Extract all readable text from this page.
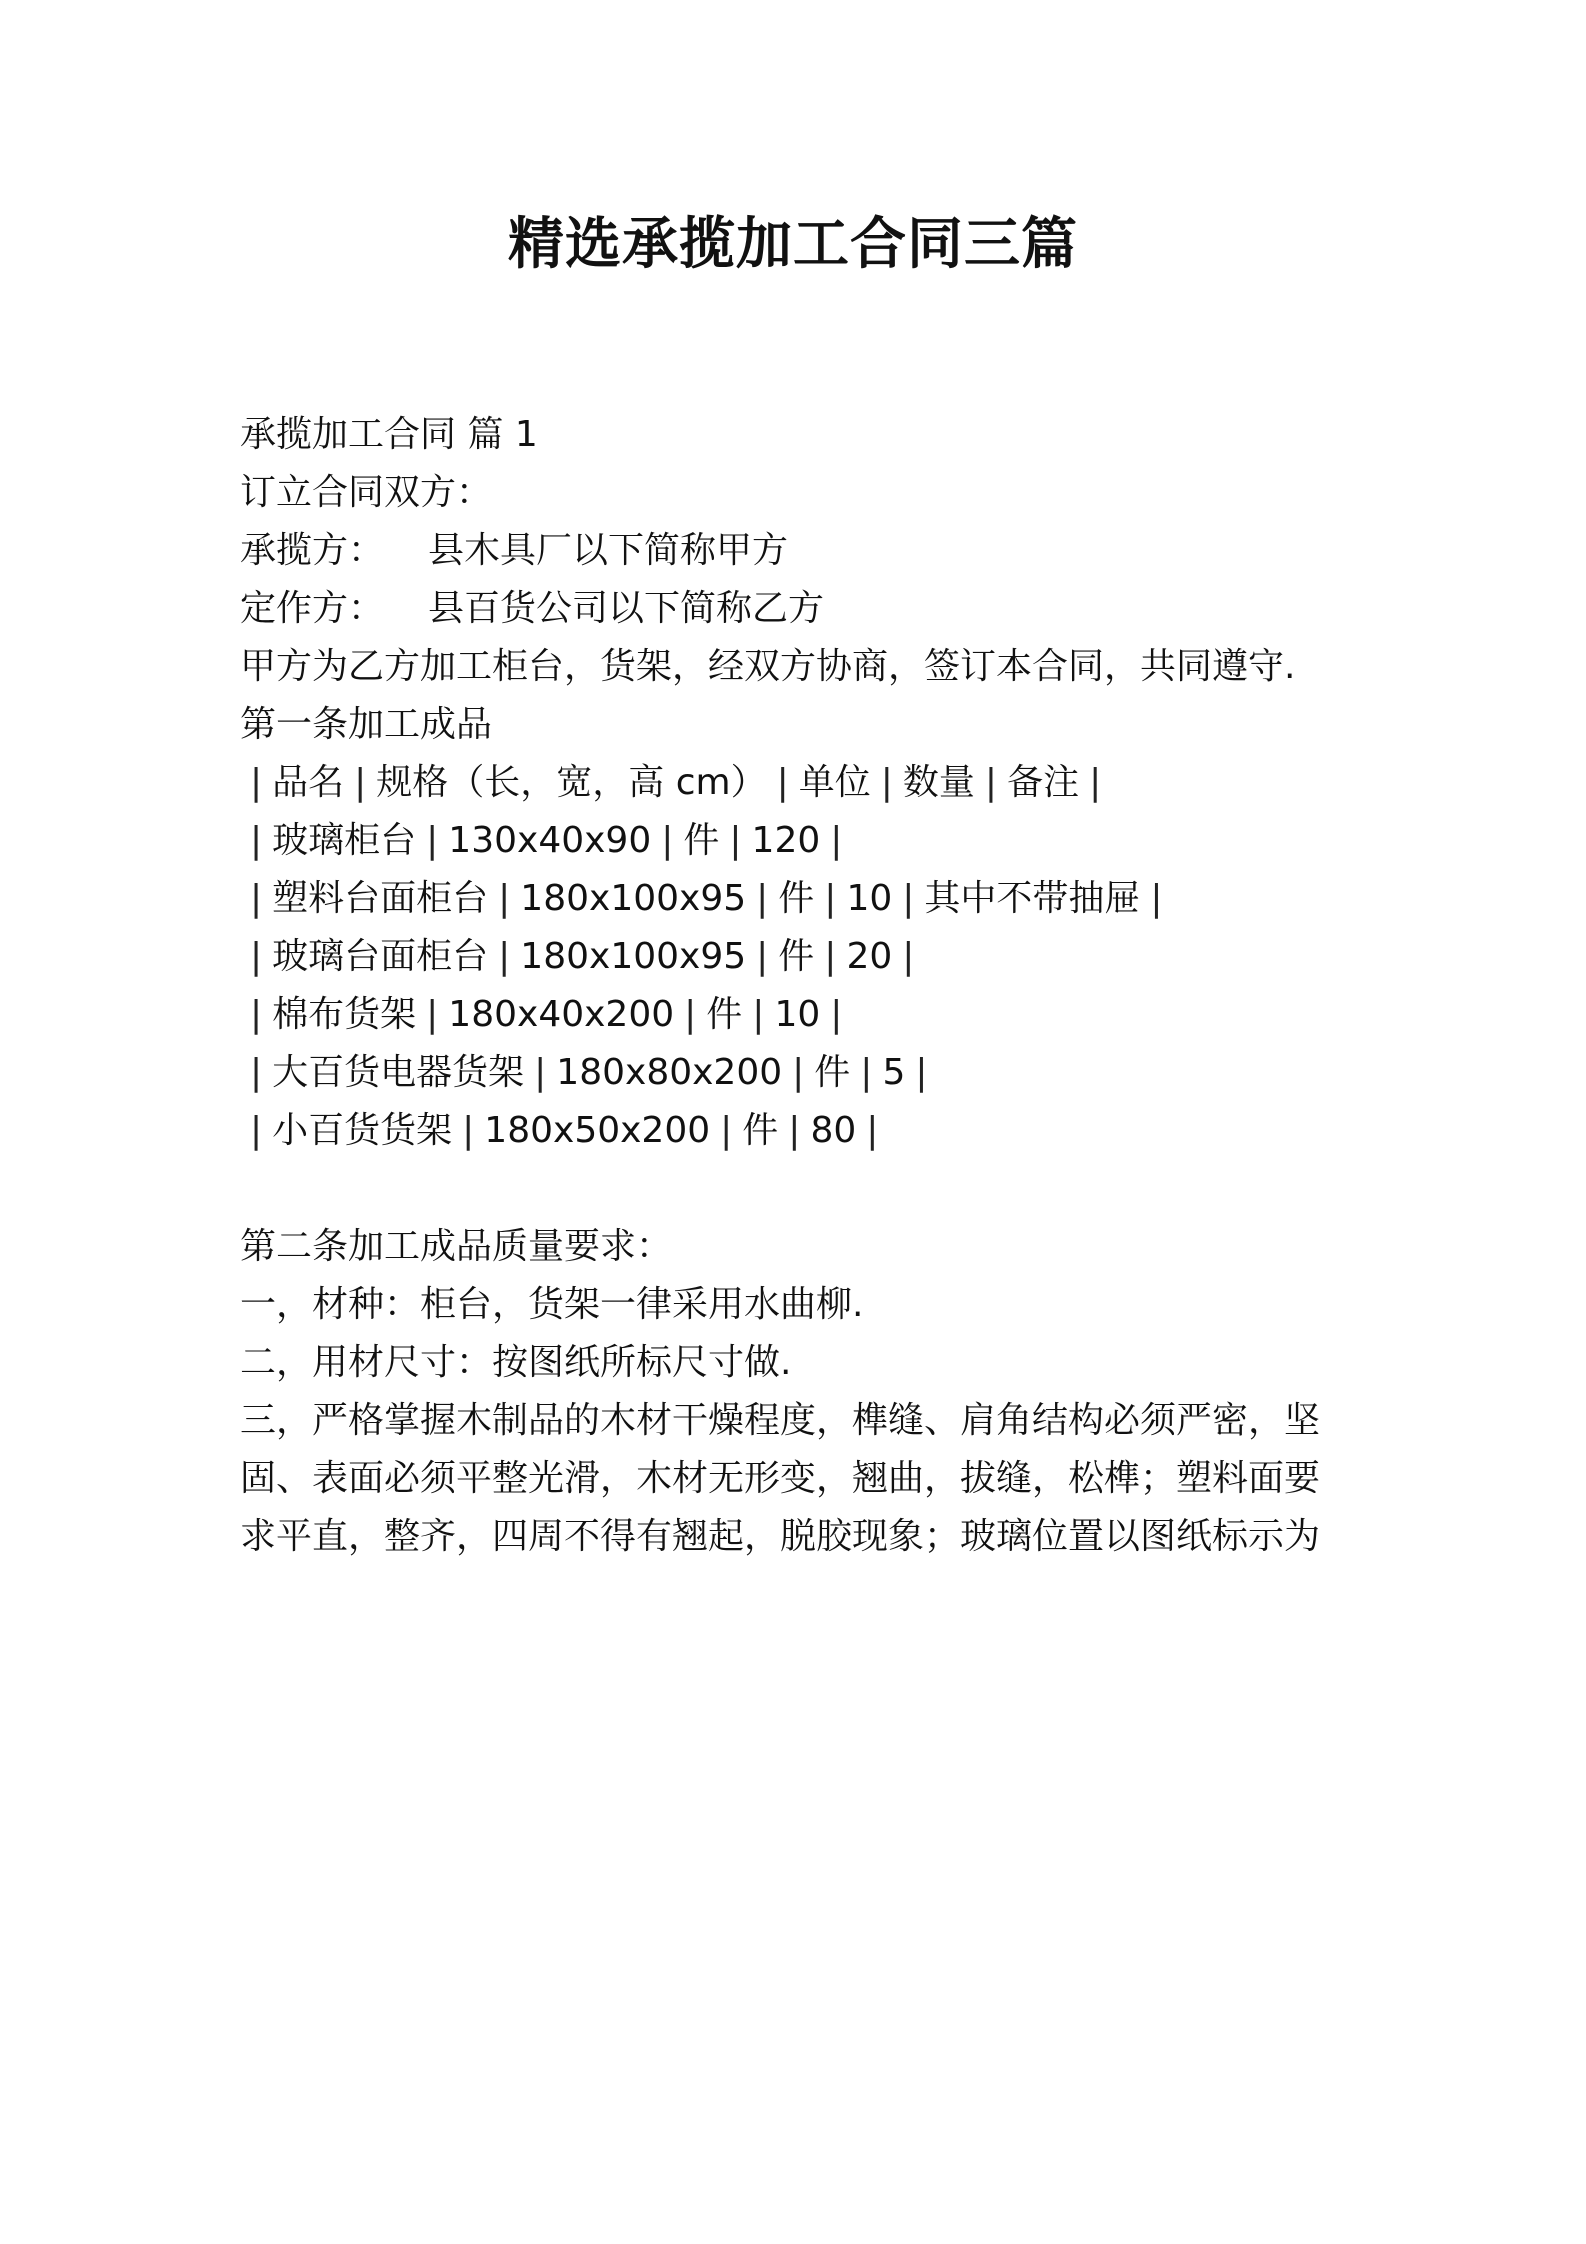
精选承揽加工合同三篇
承揽加工合同 篇 1
订立合同双方：
承揽方： 县木具厂以下简称甲方
定作方： 县百货公司以下简称乙方
甲方为乙方加工柜台，货架，经双方协商，签订本合同，共同遵守.
第一条加工成品
| 品名 | 规格（长，宽，高 cm） | 单位 | 数量 | 备注 |
| 玻璃柜台 | 130x40x90 | 件 | 120 |
| 塑料台面柜台 | 180x100x95 | 件 | 10 | 其中不带抽屉 |
| 玻璃台面柜台 | 180x100x95 | 件 | 20 |
| 棉布货架 | 180x40x200 | 件 | 10 |
| 大百货电器货架 | 180x80x200 | 件 | 5 |
| 小百货货架 | 180x50x200 | 件 | 80 |
第二条加工成品质量要求：
一，材种：柜台，货架一律采用水曲柳.
二，用材尺寸：按图纸所标尺寸做.
三，严格掌握木制品的木材干燥程度，榫缝、肩角结构必须严密，坚
固、表面必须平整光滑，木材无形变，翘曲，拔缝，松榫；塑料面要
求平直，整齐，四周不得有翘起，脱胶现象；玻璃位置以图纸标示为
